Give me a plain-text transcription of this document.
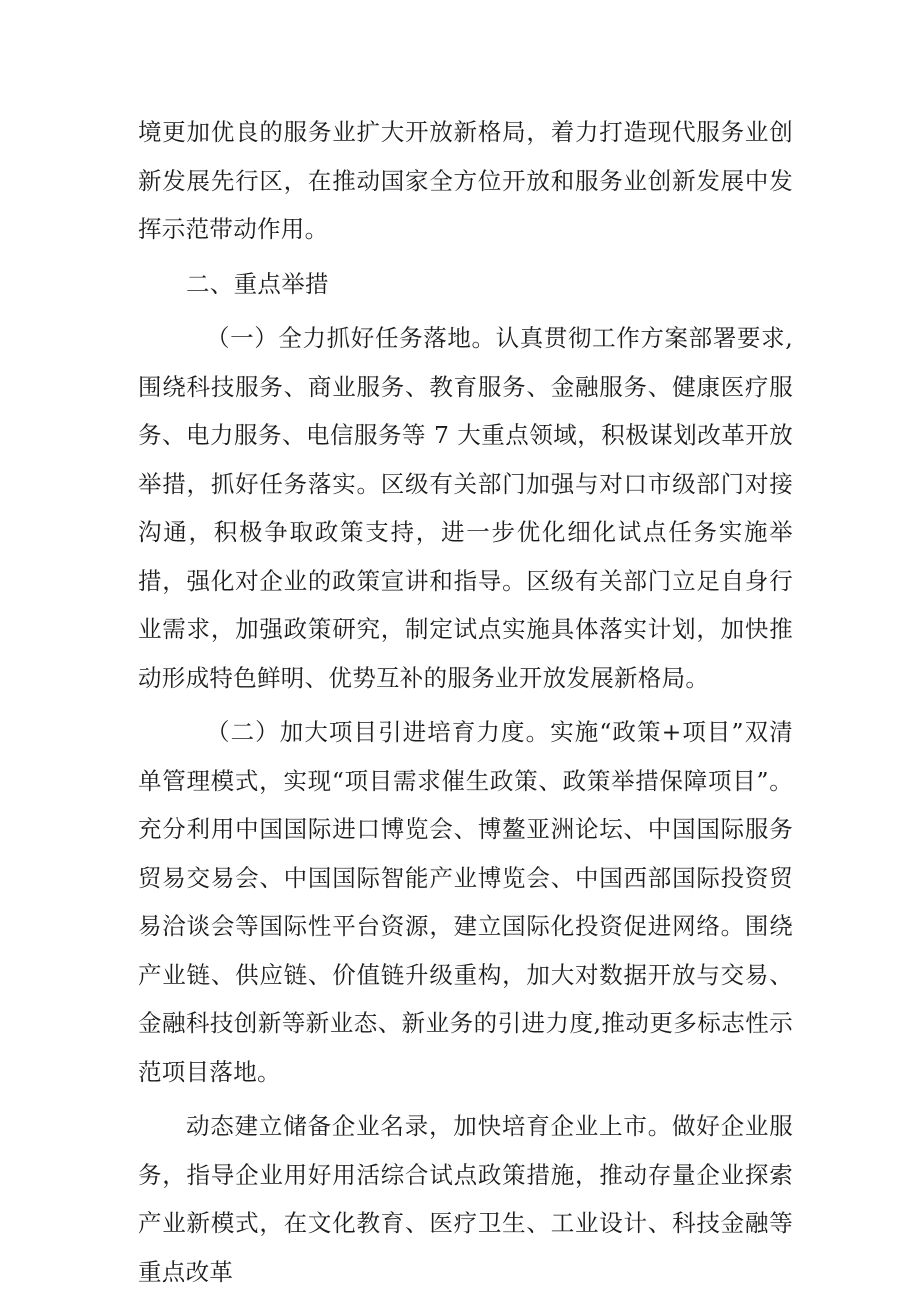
境更加优良的服务业扩大开放新格局，着力打造现代服务业创新发展先行区，在推动国家全方位开放和服务业创新发展中发挥示范带动作用。

二、重点举措

（一）全力抓好任务落地。认真贯彻工作方案部署要求,围绕科技服务、商业服务、教育服务、金融服务、健康医疗服务、电力服务、电信服务等 7 大重点领域，积极谋划改革开放举措，抓好任务落实。区级有关部门加强与对口市级部门对接沟通，积极争取政策支持，进一步优化细化试点任务实施举措，强化对企业的政策宣讲和指导。区级有关部门立足自身行业需求，加强政策研究，制定试点实施具体落实计划，加快推动形成特色鲜明、优势互补的服务业开放发展新格局。

（二）加大项目引进培育力度。实施“政策+项目”双清单管理模式，实现“项目需求催生政策、政策举措保障项目”。充分利用中国国际进口博览会、博鳌亚洲论坛、中国国际服务贸易交易会、中国国际智能产业博览会、中国西部国际投资贸易洽谈会等国际性平台资源，建立国际化投资促进网络。围绕产业链、供应链、价值链升级重构，加大对数据开放与交易、金融科技创新等新业态、新业务的引进力度,推动更多标志性示范项目落地。

动态建立储备企业名录，加快培育企业上市。做好企业服务，指导企业用好用活综合试点政策措施，推动存量企业探索产业新模式，在文化教育、医疗卫生、工业设计、科技金融等重点改革
